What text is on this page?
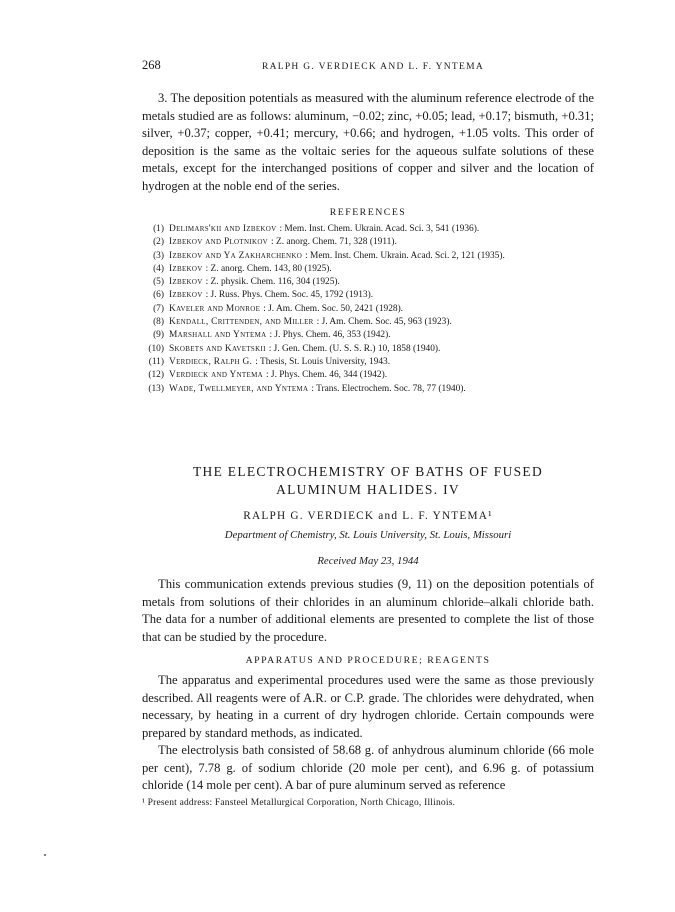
268	RALPH G. VERDIECK AND L. F. YNTEMA

3. The deposition potentials as measured with the aluminum reference electrode of the metals studied are as follows: aluminum, −0.02; zinc, +0.05; lead, +0.17; bismuth, +0.31; silver, +0.37; copper, +0.41; mercury, +0.66; and hydrogen, +1.05 volts. This order of deposition is the same as the voltaic series for the aqueous sulfate solutions of these metals, except for the interchanged positions of copper and silver and the location of hydrogen at the noble end of the series.

REFERENCES
(1) Delimars'kii and Izbekov : Mem. Inst. Chem. Ukrain. Acad. Sci. 3, 541 (1936).
(2) Izbekov and Plotnikov : Z. anorg. Chem. 71, 328 (1911).
(3) Izbekov and Ya Zakharchenko : Mem. Inst. Chem. Ukrain. Acad. Sci. 2, 121 (1935).
(4) Izbekov : Z. anorg. Chem. 143, 80 (1925).
(5) Izbekov : Z. physik. Chem. 116, 304 (1925).
(6) Izbekov : J. Russ. Phys. Chem. Soc. 45, 1792 (1913).
(7) Kaveler and Monroe : J. Am. Chem. Soc. 50, 2421 (1928).
(8) Kendall, Crittenden, and Miller : J. Am. Chem. Soc. 45, 963 (1923).
(9) Marshall and Yntema : J. Phys. Chem. 46, 353 (1942).
(10) Skobets and Kavetskii : J. Gen. Chem. (U. S. S. R.) 10, 1858 (1940).
(11) Verdieck, Ralph G. : Thesis, St. Louis University, 1943.
(12) Verdieck and Yntema : J. Phys. Chem. 46, 344 (1942).
(13) Wade, Twellmeyer, and Yntema : Trans. Electrochem. Soc. 78, 77 (1940).
THE ELECTROCHEMISTRY OF BATHS OF FUSED
ALUMINUM HALIDES. IV
RALPH G. VERDIECK and L. F. YNTEMA¹
Department of Chemistry, St. Louis University, St. Louis, Missouri
Received May 23, 1944

This communication extends previous studies (9, 11) on the deposition potentials of metals from solutions of their chlorides in an aluminum chloride–alkali chloride bath. The data for a number of additional elements are presented to complete the list of those that can be studied by the procedure.

APPARATUS AND PROCEDURE; REAGENTS

The apparatus and experimental procedures used were the same as those previously described. All reagents were of A.R. or C.P. grade. The chlorides were dehydrated, when necessary, by heating in a current of dry hydrogen chloride. Certain compounds were prepared by standard methods, as indicated.

The electrolysis bath consisted of 58.68 g. of anhydrous aluminum chloride (66 mole per cent), 7.78 g. of sodium chloride (20 mole per cent), and 6.96 g. of potassium chloride (14 mole per cent). A bar of pure aluminum served as reference

¹ Present address: Fansteel Metallurgical Corporation, North Chicago, Illinois.
